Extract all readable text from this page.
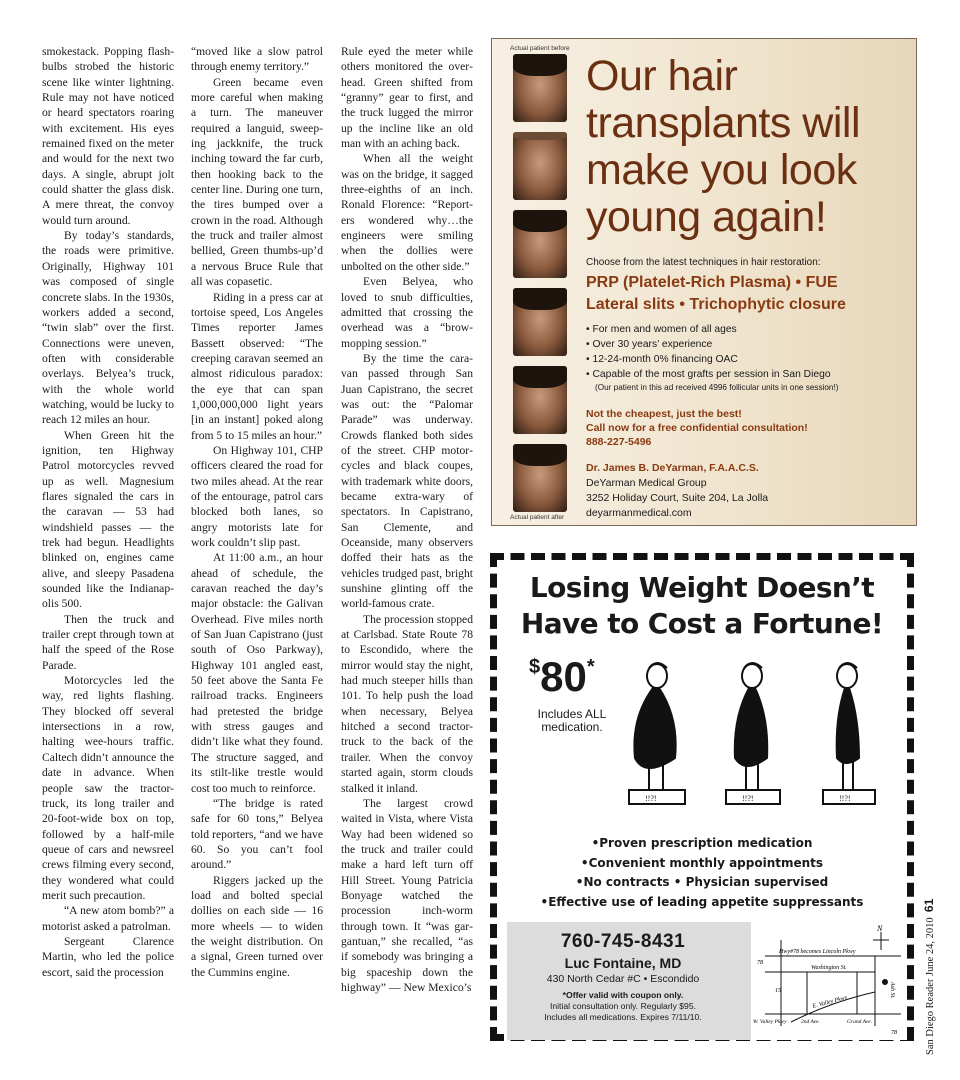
smokestack. Popping flashbulbs strobed the historic scene like winter lightning. Rule may not have noticed or heard spectators roaring with excitement. His eyes remained fixed on the meter and would for the next two days. A single, abrupt jolt could shatter the glass disk. A mere threat, the convoy would turn around.

By today’s standards, the roads were primitive. Originally, Highway 101 was composed of single concrete slabs. In the 1930s, workers added a second, “twin slab” over the first. Connections were uneven, often with considerable overlays. Belyea’s truck, with the whole world watching, would be lucky to reach 12 miles an hour.

When Green hit the ignition, ten Highway Patrol motorcycles revved up as well. Magnesium flares signaled the cars in the caravan — 53 had windshield passes — the trek had begun. Headlights blinked on, engines came alive, and sleepy Pasadena sounded like the Indianapolis 500.

Then the truck and trailer crept through town at half the speed of the Rose Parade.

Motorcycles led the way, red lights flashing. They blocked off several intersections in a row, halting wee-hours traffic. Caltech didn’t announce the date in advance. When people saw the tractor-truck, its long trailer and 20-foot-wide box on top, followed by a half-mile queue of cars and newsreel crews filming every second, they wondered what could merit such precaution.

“A new atom bomb?” a motorist asked a patrolman.

Sergeant Clarence Martin, who led the police escort, said the procession

“moved like a slow patrol through enemy territory.”

Green became even more careful when making a turn. The maneuver required a languid, sweeping jackknife, the truck inching toward the far curb, then hooking back to the center line. During one turn, the tires bumped over a crown in the road. Although the truck and trailer almost bellied, Green thumbs-up’d a nervous Bruce Rule that all was copasetic.

Riding in a press car at tortoise speed, Los Angeles Times reporter James Bassett observed: “The creeping caravan seemed an almost ridiculous paradox: the eye that can span 1,000,000,000 light years [in an instant] poked along from 5 to 15 miles an hour.”

On Highway 101, CHP officers cleared the road for two miles ahead. At the rear of the entourage, patrol cars blocked both lanes, so angry motorists late for work couldn’t slip past.

At 11:00 a.m., an hour ahead of schedule, the caravan reached the day’s major obstacle: the Galivan Overhead. Five miles north of San Juan Capistrano (just south of Oso Parkway), Highway 101 angled east, 50 feet above the Santa Fe railroad tracks. Engineers had pretested the bridge with stress gauges and didn’t like what they found. The structure sagged, and its stilt-like trestle would cost too much to reinforce.

“The bridge is rated safe for 60 tons,” Belyea told reporters, “and we have 60. So you can’t fool around.”

Riggers jacked up the load and bolted special dollies on each side — 16 more wheels — to widen the weight distribution. On a signal, Green turned over the Cummins engine.

Rule eyed the meter while others monitored the overhead. Green shifted from “granny” gear to first, and the truck lugged the mirror up the incline like an old man with an aching back.

When all the weight was on the bridge, it sagged three-eighths of an inch. Ronald Florence: “Reporters wondered why…the engineers were smiling when the dollies were unbolted on the other side.”

Even Belyea, who loved to snub difficulties, admitted that crossing the overhead was a “brow-mopping session.”

By the time the caravan passed through San Juan Capistrano, the secret was out: the “Palomar Parade” was underway. Crowds flanked both sides of the street. CHP motorcycles and black coupes, with trademark white doors, became extra-wary of spectators. In Capistrano, San Clemente, and Oceanside, many observers doffed their hats as the vehicles trudged past, bright sunshine glinting off the world-famous crate.

The procession stopped at Carlsbad. State Route 78 to Escondido, where the mirror would stay the night, had much steeper hills than 101. To help push the load when necessary, Belyea hitched a second tractor-truck to the back of the trailer. When the convoy started again, storm clouds stalked it inland.

The largest crowd waited in Vista, where Vista Way had been widened so the truck and trailer could make a hard left turn off Hill Street. Young Patricia Bonyage watched the procession inch-worm through town. It “was gargantuan,” she recalled, “as if somebody was bringing a big spaceship down the highway” — New Mexico’s

Actual patient before
Actual patient after
Our hair transplants will make you look young again!
Choose from the latest techniques in hair restoration:
PRP (Platelet-Rich Plasma) • FUE
Lateral slits • Trichophytic closure
• For men and women of all ages
• Over 30 years’ experience
• 12-24-month 0% financing OAC
• Capable of the most grafts per session in San Diego
(Our patient in this ad received 4996 follicular units in one session!)
Not the cheapest, just the best!
Call now for a free confidential consultation!
888-227-5496
Dr. James B. DeYarman, F.A.A.C.S.
DeYarman Medical Group
3252 Holiday Court, Suite 204, La Jolla
deyarmanmedical.com
Losing Weight Doesn’t
Have to Cost a Fortune!
$80*
Includes ALL medication.
!!?!	!!?!	!!?!
• Proven prescription medication
• Convenient monthly appointments
• No contracts • Physician supervised
• Effective use of leading appetite suppressants
760-745-8431
Luc Fontaine, MD
430 North Cedar #C • Escondido
*Offer valid with coupon only.
Initial consultation only. Regularly $95.
Includes all medications. Expires 7/11/10.
N
Hwy#78 becomes Lincoln Pkwy
Washington St.
Ash St.
E. Valley Pkwy
W. Valley Pkwy	2nd Ave.	Grand Ave.
78
15
78	San Diego Reader June 24, 2010  61
